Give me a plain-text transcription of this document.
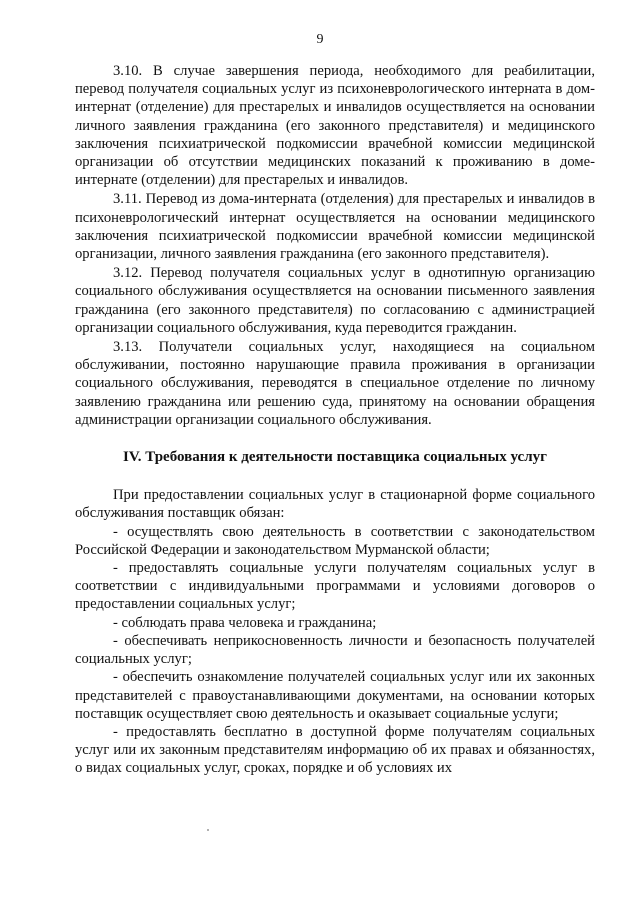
9

3.10. В случае завершения периода, необходимого для реабилитации, перевод получателя социальных услуг из психоневрологического интерната в дом-интернат (отделение) для престарелых и инвалидов осуществляется на основании личного заявления гражданина (его законного представителя) и медицинского заключения психиатрической подкомиссии врачебной комиссии медицинской организации об отсутствии медицинских показаний к проживанию в доме-интернате (отделении) для престарелых и инвалидов.

3.11. Перевод из дома-интерната (отделения) для престарелых и инвалидов в психоневрологический интернат осуществляется на основании медицинского заключения психиатрической подкомиссии врачебной комиссии медицинской организации, личного заявления гражданина (его законного представителя).

3.12. Перевод получателя социальных услуг в однотипную организацию социального обслуживания осуществляется на основании письменного заявления гражданина (его законного представителя) по согласованию с администрацией организации социального обслуживания, куда переводится гражданин.

3.13. Получатели социальных услуг, находящиеся на социальном обслуживании, постоянно нарушающие правила проживания в организации социального обслуживания, переводятся в специальное отделение по личному заявлению гражданина или решению суда, принятому на основании обращения администрации организации социального обслуживания.

IV. Требования к деятельности поставщика социальных услуг

При предоставлении социальных услуг в стационарной форме социального обслуживания поставщик обязан:

- осуществлять свою деятельность в соответствии с законодательством Российской Федерации и законодательством Мурманской области;

- предоставлять социальные услуги получателям социальных услуг в соответствии с индивидуальными программами и условиями договоров о предоставлении социальных услуг;

- соблюдать права человека и гражданина;

- обеспечивать неприкосновенность личности и безопасность получателей социальных услуг;

- обеспечить ознакомление получателей социальных услуг или их законных представителей с правоустанавливающими документами, на основании которых поставщик осуществляет свою деятельность и оказывает социальные услуги;

- предоставлять бесплатно в доступной форме получателям социальных услуг или их законным представителям информацию об их правах и обязанностях, о видах социальных услуг, сроках, порядке и об условиях их
